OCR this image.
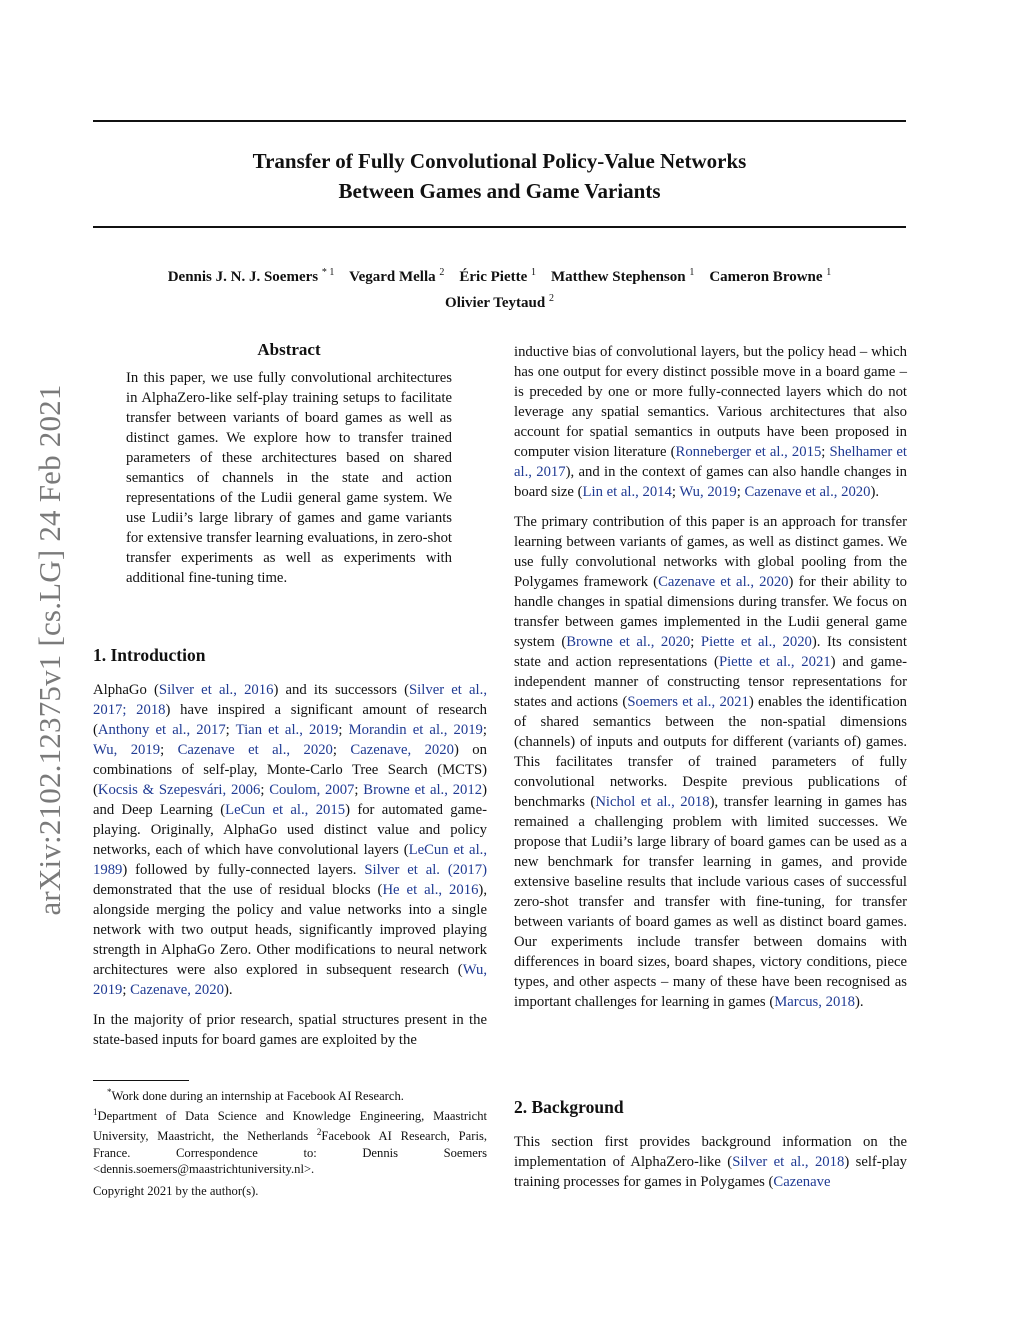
arXiv:2102.12375v1 [cs.LG] 24 Feb 2021
Transfer of Fully Convolutional Policy-Value Networks
Between Games and Game Variants
Dennis J. N. J. Soemers $^{* 1}$ Vegard Mella $^2$ Éric Piette $^1$ Matthew Stephenson $^1$ Cameron Browne $^1$
Olivier Teytaud $^2$
Abstract

In this paper, we use fully convolutional architectures in AlphaZero-like self-play training setups to facilitate transfer between variants of board games as well as distinct games. We explore how to transfer trained parameters of these architectures based on shared semantics of channels in the state and action representations of the Ludii general game system. We use Ludii’s large library of games and game variants for extensive transfer learning evaluations, in zero-shot transfer experiments as well as experiments with additional fine-tuning time.

1. Introduction

AlphaGo (Silver et al., 2016) and its successors (Silver et al., 2017; 2018) have inspired a significant amount of research (Anthony et al., 2017; Tian et al., 2019; Morandin et al., 2019; Wu, 2019; Cazenave et al., 2020; Cazenave, 2020) on combinations of self-play, Monte-Carlo Tree Search (MCTS) (Kocsis & Szepesvári, 2006; Coulom, 2007; Browne et al., 2012) and Deep Learning (LeCun et al., 2015) for automated game-playing. Originally, AlphaGo used distinct value and policy networks, each of which have convolutional layers (LeCun et al., 1989) followed by fully-connected layers. Silver et al. (2017) demonstrated that the use of residual blocks (He et al., 2016), alongside merging the policy and value networks into a single network with two output heads, significantly improved playing strength in AlphaGo Zero. Other modifications to neural network architectures were also explored in subsequent research (Wu, 2019; Cazenave, 2020).

In the majority of prior research, spatial structures present in the state-based inputs for board games are exploited by the

*Work done during an internship at Facebook AI Research.
$^1$Department of Data Science and Knowledge Engineering, Maastricht University, Maastricht, the Netherlands $^2$Facebook AI Research, Paris, France. Correspondence to: Dennis Soemers <dennis.soemers@maastrichtuniversity.nl>.
Copyright 2021 by the author(s).

inductive bias of convolutional layers, but the policy head – which has one output for every distinct possible move in a board game – is preceded by one or more fully-connected layers which do not leverage any spatial semantics. Various architectures that also account for spatial semantics in outputs have been proposed in computer vision literature (Ronneberger et al., 2015; Shelhamer et al., 2017), and in the context of games can also handle changes in board size (Lin et al., 2014; Wu, 2019; Cazenave et al., 2020).

The primary contribution of this paper is an approach for transfer learning between variants of games, as well as distinct games. We use fully convolutional networks with global pooling from the Polygames framework (Cazenave et al., 2020) for their ability to handle changes in spatial dimensions during transfer. We focus on transfer between games implemented in the Ludii general game system (Browne et al., 2020; Piette et al., 2020). Its consistent state and action representations (Piette et al., 2021) and game-independent manner of constructing tensor representations for states and actions (Soemers et al., 2021) enables the identification of shared semantics between the non-spatial dimensions (channels) of inputs and outputs for different (variants of) games. This facilitates transfer of trained parameters of fully convolutional networks. Despite previous publications of benchmarks (Nichol et al., 2018), transfer learning in games has remained a challenging problem with limited successes. We propose that Ludii’s large library of board games can be used as a new benchmark for transfer learning in games, and provide extensive baseline results that include various cases of successful zero-shot transfer and transfer with fine-tuning, for transfer between variants of board games as well as distinct board games. Our experiments include transfer between domains with differences in board sizes, board shapes, victory conditions, piece types, and other aspects – many of these have been recognised as important challenges for learning in games (Marcus, 2018).

2. Background

This section first provides background information on the implementation of AlphaZero-like (Silver et al., 2018) self-play training processes for games in Polygames (Cazenave
